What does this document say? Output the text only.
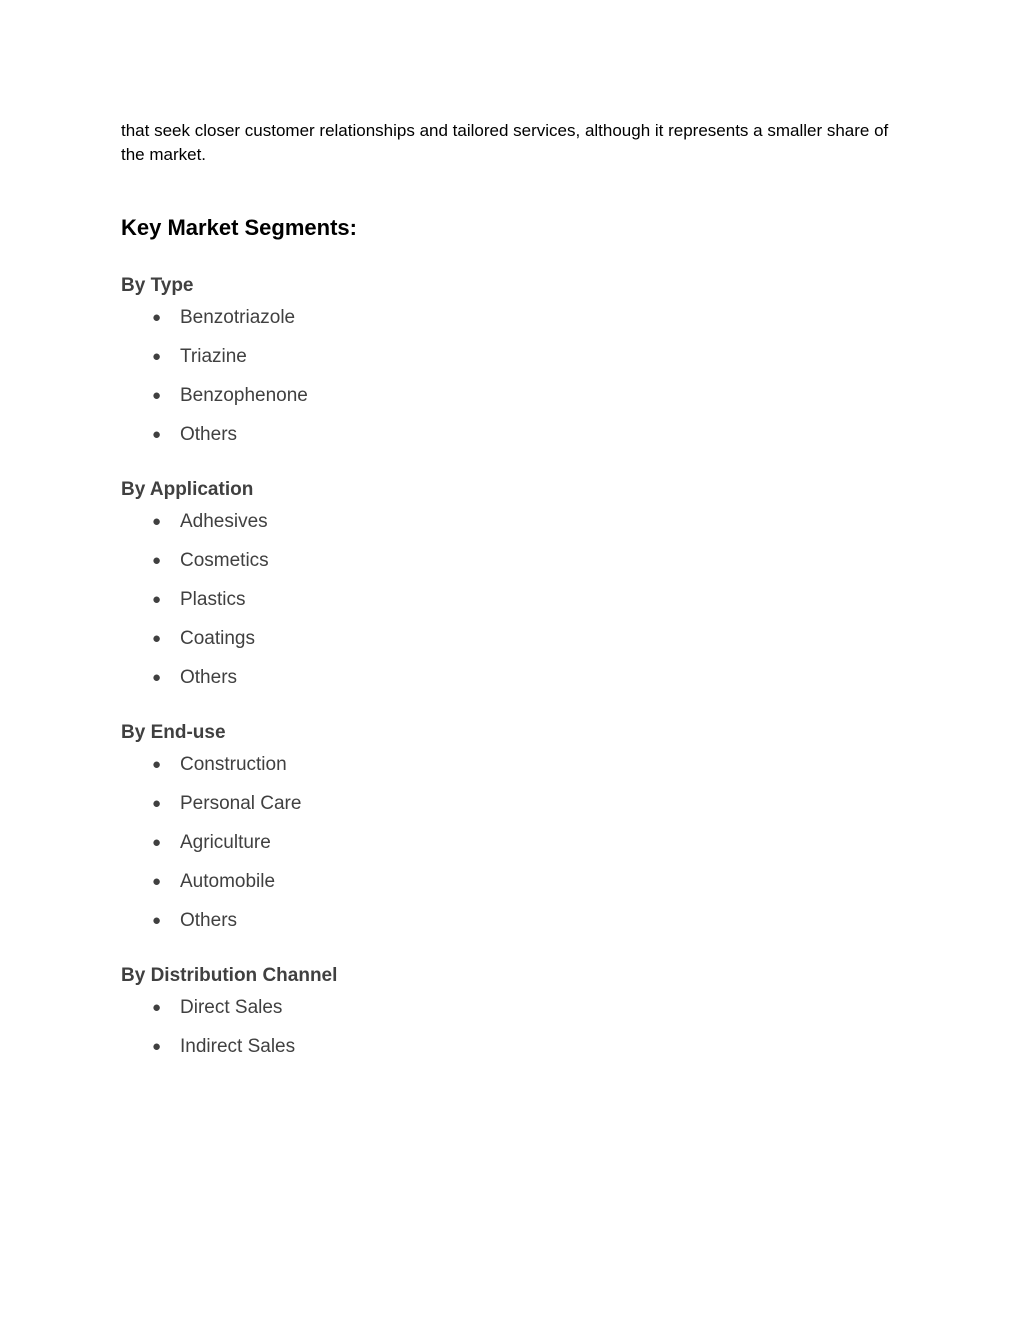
that seek closer customer relationships and tailored services, although it represents a smaller share of the market.

Key Market Segments:
By Type
● Benzotriazole
● Triazine
● Benzophenone
● Others
By Application
● Adhesives
● Cosmetics
● Plastics
● Coatings
● Others
By End-use
● Construction
● Personal Care
● Agriculture
● Automobile
● Others
By Distribution Channel
● Direct Sales
● Indirect Sales
